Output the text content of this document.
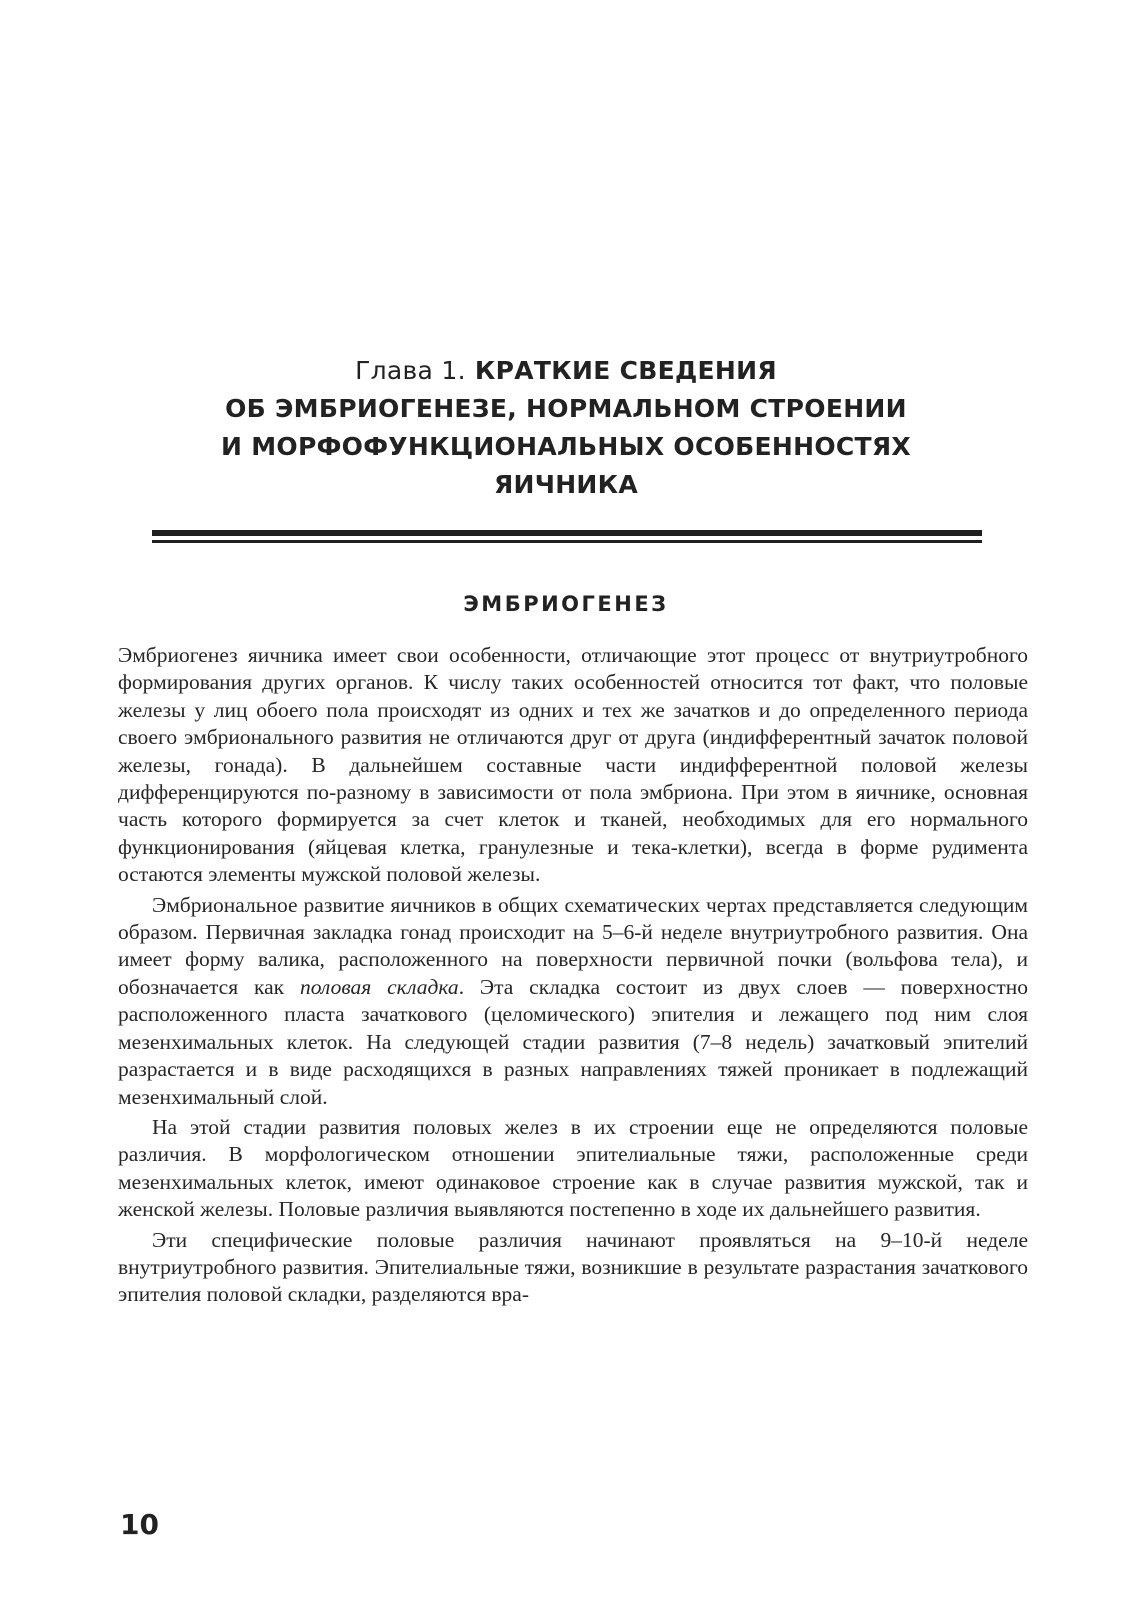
Глава 1. КРАТКИЕ СВЕДЕНИЯ
ОБ ЭМБРИОГЕНЕЗЕ, НОРМАЛЬНОМ СТРОЕНИИ
И МОРФОФУНКЦИОНАЛЬНЫХ ОСОБЕННОСТЯХ
ЯИЧНИКА
ЭМБРИОГЕНЕЗ

Эмбриогенез яичника имеет свои особенности, отличающие этот процесс от внутриутробного формирования других органов. К числу таких особенностей относится тот факт, что половые железы у лиц обоего пола происходят из одних и тех же зачатков и до определенного периода своего эмбрионального развития не отличаются друг от друга (индифферентный зачаток половой железы, гонада). В дальнейшем составные части индифферентной половой железы дифференцируются по-разному в зависимости от пола эмбриона. При этом в яичнике, основная часть которого формируется за счет клеток и тканей, необходимых для его нормального функционирования (яйцевая клетка, гранулезные и тека-клетки), всегда в форме рудимента остаются элементы мужской половой железы.

Эмбриональное развитие яичников в общих схематических чертах представляется следующим образом. Первичная закладка гонад происходит на 5–6-й неделе внутриутробного развития. Она имеет форму валика, расположенного на поверхности первичной почки (вольфова тела), и обозначается как половая складка. Эта складка состоит из двух слоев — поверхностно расположенного пласта зачаткового (целомического) эпителия и лежащего под ним слоя мезенхимальных клеток. На следующей стадии развития (7–8 недель) зачатковый эпителий разрастается и в виде расходящихся в разных направлениях тяжей проникает в подлежащий мезенхимальный слой.

На этой стадии развития половых желез в их строении еще не определяются половые различия. В морфологическом отношении эпителиальные тяжи, расположенные среди мезенхимальных клеток, имеют одинаковое строение как в случае развития мужской, так и женской железы. Половые различия выявляются постепенно в ходе их дальнейшего развития.

Эти специфические половые различия начинают проявляться на 9–10-й неделе внутриутробного развития. Эпителиальные тяжи, возникшие в результате разрастания зачаткового эпителия половой складки, разделяются вра-

10
